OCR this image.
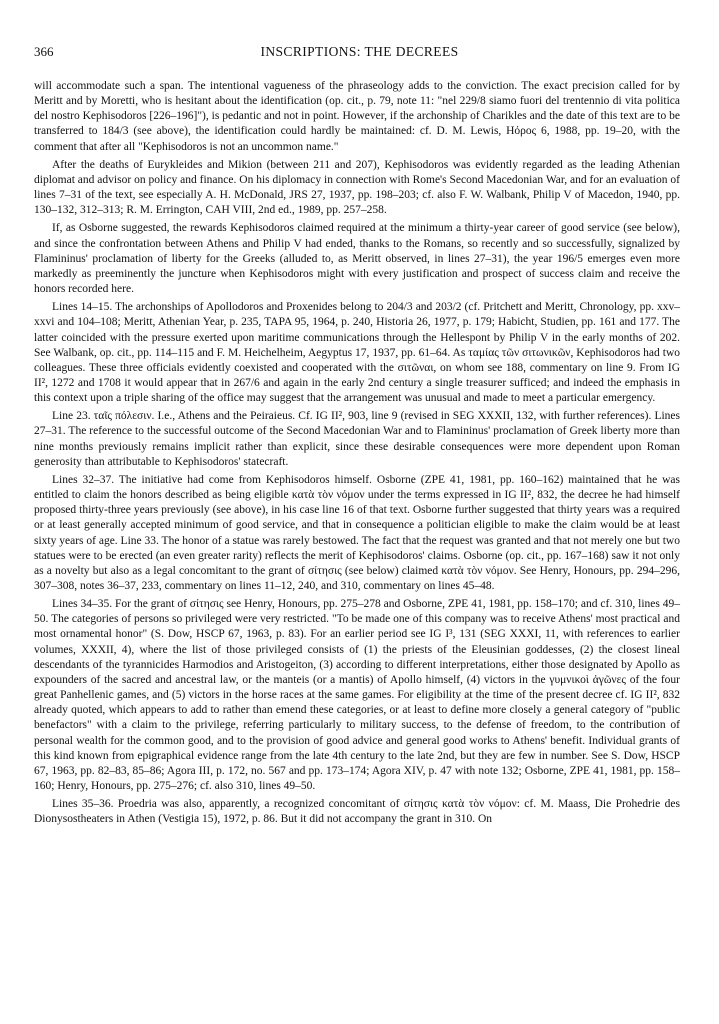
366	INSCRIPTIONS: THE DECREES

will accommodate such a span. The intentional vagueness of the phraseology adds to the conviction. The exact precision called for by Meritt and by Moretti, who is hesitant about the identification (op. cit., p. 79, note 11: "nel 229/8 siamo fuori del trentennio di vita politica del nostro Kephisodoros [226–196]"), is pedantic and not in point. However, if the archonship of Charikles and the date of this text are to be transferred to 184/3 (see above), the identification could hardly be maintained: cf. D. M. Lewis, Ηόρος 6, 1988, pp. 19–20, with the comment that after all "Kephisodoros is not an uncommon name."

After the deaths of Eurykleides and Mikion (between 211 and 207), Kephisodoros was evidently regarded as the leading Athenian diplomat and advisor on policy and finance. On his diplomacy in connection with Rome's Second Macedonian War, and for an evaluation of lines 7–31 of the text, see especially A. H. McDonald, JRS 27, 1937, pp. 198–203; cf. also F. W. Walbank, Philip V of Macedon, 1940, pp. 130–132, 312–313; R. M. Errington, CAH VIII, 2nd ed., 1989, pp. 257–258.

If, as Osborne suggested, the rewards Kephisodoros claimed required at the minimum a thirty-year career of good service (see below), and since the confrontation between Athens and Philip V had ended, thanks to the Romans, so recently and so successfully, signalized by Flamininus' proclamation of liberty for the Greeks (alluded to, as Meritt observed, in lines 27–31), the year 196/5 emerges even more markedly as preeminently the juncture when Kephisodoros might with every justification and prospect of success claim and receive the honors recorded here.

Lines 14–15. The archonships of Apollodoros and Proxenides belong to 204/3 and 203/2 (cf. Pritchett and Meritt, Chronology, pp. xxv–xxvi and 104–108; Meritt, Athenian Year, p. 235, TAPA 95, 1964, p. 240, Historia 26, 1977, p. 179; Habicht, Studien, pp. 161 and 177. The latter coincided with the pressure exerted upon maritime communications through the Hellespont by Philip V in the early months of 202. See Walbank, op. cit., pp. 114–115 and F. M. Heichelheim, Aegyptus 17, 1937, pp. 61–64. As ταμίας τῶν σιτωνικῶν, Kephisodoros had two colleagues. These three officials evidently coexisted and cooperated with the σιτῶναι, on whom see 188, commentary on line 9. From IG II², 1272 and 1708 it would appear that in 267/6 and again in the early 2nd century a single treasurer sufficed; and indeed the emphasis in this context upon a triple sharing of the office may suggest that the arrangement was unusual and made to meet a particular emergency.

Line 23. ταῖς πόλεσιν. I.e., Athens and the Peiraieus. Cf. IG II², 903, line 9 (revised in SEG XXXII, 132, with further references). Lines 27–31. The reference to the successful outcome of the Second Macedonian War and to Flamininus' proclamation of Greek liberty more than nine months previously remains implicit rather than explicit, since these desirable consequences were more dependent upon Roman generosity than attributable to Kephisodoros' statecraft.

Lines 32–37. The initiative had come from Kephisodoros himself. Osborne (ZPE 41, 1981, pp. 160–162) maintained that he was entitled to claim the honors described as being eligible κατὰ τὸν νόμον under the terms expressed in IG II², 832, the decree he had himself proposed thirty-three years previously (see above), in his case line 16 of that text. Osborne further suggested that thirty years was a required or at least generally accepted minimum of good service, and that in consequence a politician eligible to make the claim would be at least sixty years of age. Line 33. The honor of a statue was rarely bestowed. The fact that the request was granted and that not merely one but two statues were to be erected (an even greater rarity) reflects the merit of Kephisodoros' claims. Osborne (op. cit., pp. 167–168) saw it not only as a novelty but also as a legal concomitant to the grant of σίτησις (see below) claimed κατὰ τὸν νόμον. See Henry, Honours, pp. 294–296, 307–308, notes 36–37, 233, commentary on lines 11–12, 240, and 310, commentary on lines 45–48.

Lines 34–35. For the grant of σίτησις see Henry, Honours, pp. 275–278 and Osborne, ZPE 41, 1981, pp. 158–170; and cf. 310, lines 49–50. The categories of persons so privileged were very restricted. "To be made one of this company was to receive Athens' most practical and most ornamental honor" (S. Dow, HSCP 67, 1963, p. 83). For an earlier period see IG I³, 131 (SEG XXXI, 11, with references to earlier volumes, XXXII, 4), where the list of those privileged consists of (1) the priests of the Eleusinian goddesses, (2) the closest lineal descendants of the tyrannicides Harmodios and Aristogeiton, (3) according to different interpretations, either those designated by Apollo as expounders of the sacred and ancestral law, or the manteis (or a mantis) of Apollo himself, (4) victors in the γυμνικοὶ ἀγῶνες of the four great Panhellenic games, and (5) victors in the horse races at the same games. For eligibility at the time of the present decree cf. IG II², 832 already quoted, which appears to add to rather than emend these categories, or at least to define more closely a general category of "public benefactors" with a claim to the privilege, referring particularly to military success, to the defense of freedom, to the contribution of personal wealth for the common good, and to the provision of good advice and general good works to Athens' benefit. Individual grants of this kind known from epigraphical evidence range from the late 4th century to the late 2nd, but they are few in number. See S. Dow, HSCP 67, 1963, pp. 82–83, 85–86; Agora III, p. 172, no. 567 and pp. 173–174; Agora XIV, p. 47 with note 132; Osborne, ZPE 41, 1981, pp. 158–160; Henry, Honours, pp. 275–276; cf. also 310, lines 49–50.

Lines 35–36. Proedria was also, apparently, a recognized concomitant of σίτησις κατὰ τὸν νόμον: cf. M. Maass, Die Prohedrie des Dionysostheaters in Athen (Vestigia 15), 1972, p. 86. But it did not accompany the grant in 310. On
